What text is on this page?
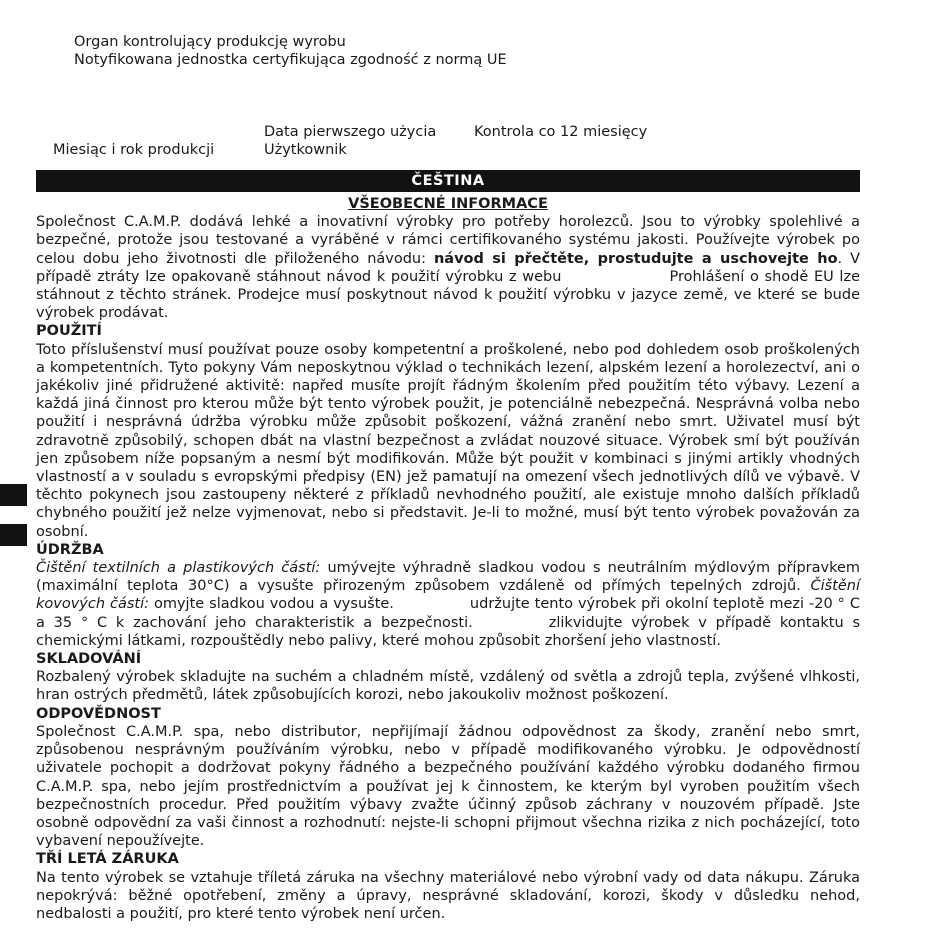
Organ kontrolujący produkcję wyrobu
Notyfikowana jednostka certyfikująca zgodność z normą UE
Data pierwszego użycia	Kontrola co 12 miesięcy
Miesiąc i rok produkcji	Użytkownik
ČEŠTINA
VŠEOBECNÉ INFORMACE
Společnost C.A.M.P. dodává lehké a inovativní výrobky pro potřeby horolezců. Jsou to výrobky spolehlivé a bezpečné, protože jsou testované a vyráběné v rámci certifikovaného systému jakosti. Používejte výrobek po celou dobu jeho životnosti dle přiloženého návodu: návod si přečtěte, prostudujte a uschovejte ho. V případě ztráty lze opakovaně stáhnout návod k použití výrobku z webu	Prohlášení o shodě EU lze stáhnout z těchto stránek. Prodejce musí poskytnout návod k použití výrobku v jazyce země, ve které se bude výrobek prodávat.
POUŽITÍ
Toto příslušenství musí používat pouze osoby kompetentní a proškolené, nebo pod dohledem osob proškolených a kompetentních. Tyto pokyny Vám neposkytnou výklad o technikách lezení, alpském lezení a horolezectví, ani o jakékoliv jiné přidružené aktivitě: napřed musíte projít řádným školením před použitím této výbavy. Lezení a každá jiná činnost pro kterou může být tento výrobek použit, je potenciálně nebezpečná. Nesprávná volba nebo použití i nesprávná údržba výrobku může způsobit poškození, vážná zranění nebo smrt. Uživatel musí být zdravotně způsobilý, schopen dbát na vlastní bezpečnost a zvládat nouzové situace. Výrobek smí být používán jen způsobem níže popsaným a nesmí být modifikován. Může být použit v kombinaci s jinými artikly vhodných vlastností a v souladu s evropskými předpisy (EN) jež pamatují na omezení všech jednotlivých dílů ve výbavě. V těchto pokynech jsou zastoupeny některé z příkladů nevhodného použití, ale existuje mnoho dalších příkladů chybného použití jež nelze vyjmenovat, nebo si představit. Je-li to možné, musí být tento výrobek považován za osobní.
ÚDRŽBA
Čištění textilních a plastikových částí: umývejte výhradně sladkou vodou s neutrálním mýdlovým přípravkem (maximální teplota 30°C) a vysušte přirozeným způsobem vzdáleně od přímých tepelných zdrojů. Čištění kovových částí: omyjte sladkou vodou a vysušte.	udržujte tento výrobek při okolní teplotě mezi -20 ° C a 35 ° C k zachování jeho charakteristik a bezpečnosti.	zlikvidujte výrobek v případě kontaktu s chemickými látkami, rozpouštědly nebo palivy, které mohou způsobit zhoršení jeho vlastností.
SKLADOVÁNÍ
Rozbalený výrobek skladujte na suchém a chladném místě, vzdálený od světla a zdrojů tepla, zvýšené vlhkosti, hran ostrých předmětů, látek způsobujících korozi, nebo jakoukoliv možnost poškození.
ODPOVĚDNOST
Společnost C.A.M.P. spa, nebo distributor, nepřijímají žádnou odpovědnost za škody, zranění nebo smrt, způsobenou nesprávným používáním výrobku, nebo v případě modifikovaného výrobku. Je odpovědností uživatele pochopit a dodržovat pokyny řádného a bezpečného používání každého výrobku dodaného firmou C.A.M.P. spa, nebo jejím prostřednictvím a používat jej k činnostem, ke kterým byl vyroben použitím všech bezpečnostních procedur. Před použitím výbavy zvažte účinný způsob záchrany v nouzovém případě. Jste osobně odpovědní za vaši činnost a rozhodnutí: nejste-li schopni přijmout všechna rizika z nich pocházející, toto vybavení nepoužívejte.
TŘÍ LETÁ ZÁRUKA
Na tento výrobek se vztahuje tříletá záruka na všechny materiálové nebo výrobní vady od data nákupu. Záruka nepokrývá: běžné opotřebení, změny a úpravy, nesprávné skladování, korozi, škody v důsledku nehod, nedbalosti a použití, pro které tento výrobek není určen.
